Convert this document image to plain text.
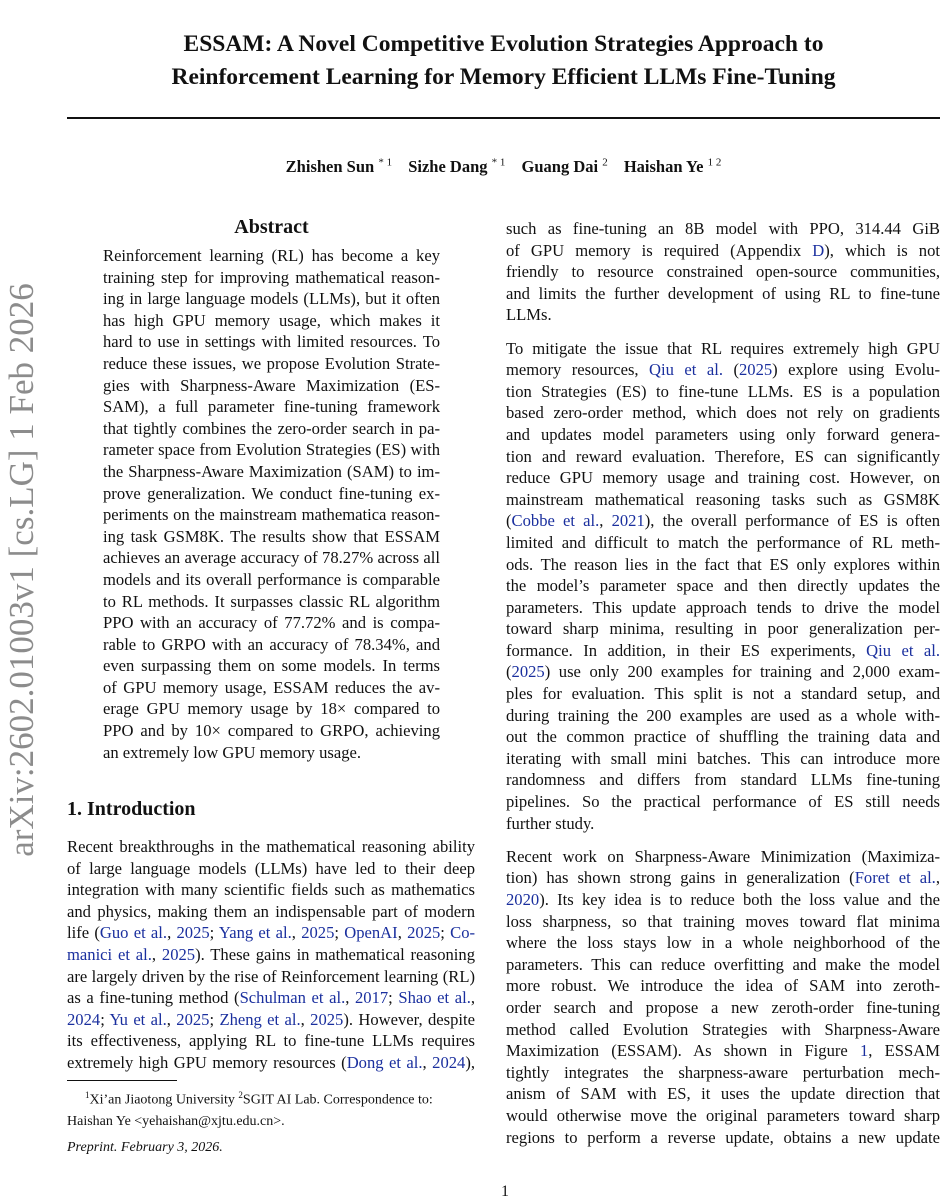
arXiv:2602.01003v1 [cs.LG] 1 Feb 2026
ESSAM: A Novel Competitive Evolution Strategies Approach to
Reinforcement Learning for Memory Efficient LLMs Fine-Tuning
Zhishen Sun $^{* 1}$ Sizhe Dang $^{* 1}$ Guang Dai $^2$ Haishan Ye $^{1 2}$
Abstract
Reinforcement learning (RL) has become a key
training step for improving mathematical reason-
ing in large language models (LLMs), but it often
has high GPU memory usage, which makes it
hard to use in settings with limited resources. To
reduce these issues, we propose Evolution Strate-
gies with Sharpness-Aware Maximization (ES-
SAM), a full parameter fine-tuning framework
that tightly combines the zero-order search in pa-
rameter space from Evolution Strategies (ES) with
the Sharpness-Aware Maximization (SAM) to im-
prove generalization. We conduct fine-tuning ex-
periments on the mainstream mathematica reason-
ing task GSM8K. The results show that ESSAM
achieves an average accuracy of 78.27% across all
models and its overall performance is comparable
to RL methods. It surpasses classic RL algorithm
PPO with an accuracy of 77.72% and is compa-
rable to GRPO with an accuracy of 78.34%, and
even surpassing them on some models. In terms
of GPU memory usage, ESSAM reduces the av-
erage GPU memory usage by 18× compared to
PPO and by 10× compared to GRPO, achieving
an extremely low GPU memory usage.
1. Introduction
Recent breakthroughs in the mathematical reasoning ability
of large language models (LLMs) have led to their deep
integration with many scientific fields such as mathematics
and physics, making them an indispensable part of modern
life (Guo et al., 2025; Yang et al., 2025; OpenAI, 2025; Co-
manici et al., 2025). These gains in mathematical reasoning
are largely driven by the rise of Reinforcement learning (RL)
as a fine-tuning method (Schulman et al., 2017; Shao et al.,
2024; Yu et al., 2025; Zheng et al., 2025). However, despite
its effectiveness, applying RL to fine-tune LLMs requires
extremely high GPU memory resources (Dong et al., 2024),
such as fine-tuning an 8B model with PPO, 314.44 GiB
of GPU memory is required (Appendix D), which is not
friendly to resource constrained open-source communities,
and limits the further development of using RL to fine-tune
LLMs.
To mitigate the issue that RL requires extremely high GPU
memory resources, Qiu et al. (2025) explore using Evolu-
tion Strategies (ES) to fine-tune LLMs. ES is a population
based zero-order method, which does not rely on gradients
and updates model parameters using only forward genera-
tion and reward evaluation. Therefore, ES can significantly
reduce GPU memory usage and training cost. However, on
mainstream mathematical reasoning tasks such as GSM8K
(Cobbe et al., 2021), the overall performance of ES is often
limited and difficult to match the performance of RL meth-
ods. The reason lies in the fact that ES only explores within
the model’s parameter space and then directly updates the
parameters. This update approach tends to drive the model
toward sharp minima, resulting in poor generalization per-
formance. In addition, in their ES experiments, Qiu et al.
(2025) use only 200 examples for training and 2,000 exam-
ples for evaluation. This split is not a standard setup, and
during training the 200 examples are used as a whole with-
out the common practice of shuffling the training data and
iterating with small mini batches. This can introduce more
randomness and differs from standard LLMs fine-tuning
pipelines. So the practical performance of ES still needs
further study.
Recent work on Sharpness-Aware Minimization (Maximiza-
tion) has shown strong gains in generalization (Foret et al.,
2020). Its key idea is to reduce both the loss value and the
loss sharpness, so that training moves toward flat minima
where the loss stays low in a whole neighborhood of the
parameters. This can reduce overfitting and make the model
more robust. We introduce the idea of SAM into zeroth-
order search and propose a new zeroth-order fine-tuning
method called Evolution Strategies with Sharpness-Aware
Maximization (ESSAM). As shown in Figure 1, ESSAM
tightly integrates the sharpness-aware perturbation mech-
anism of SAM with ES, it uses the update direction that
would otherwise move the original parameters toward sharp
regions to perform a reverse update, obtains a new update
$^1$Xi’an Jiaotong University $^2$SGIT AI Lab. Correspondence to:
Haishan Ye <yehaishan@xjtu.edu.cn>.
Preprint. February 3, 2026.
1
